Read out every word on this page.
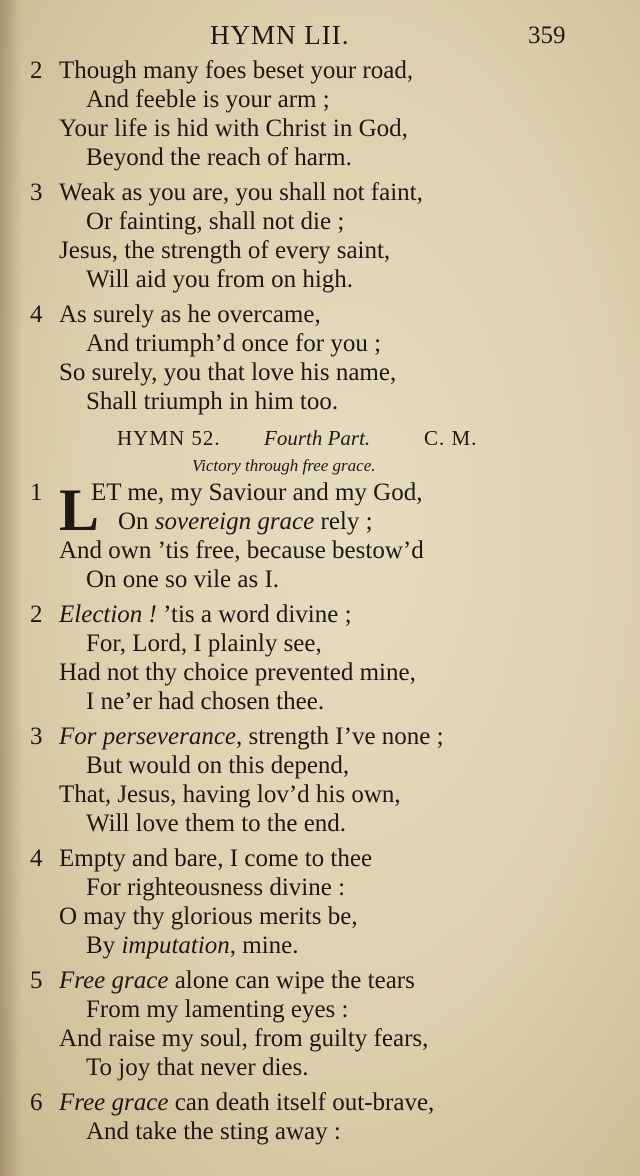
HYMN LII.	359
2 Though many foes beset your road,
And feeble is your arm ;
Your life is hid with Christ in God,
Beyond the reach of harm.
3 Weak as you are, you shall not faint,
Or fainting, shall not die ;
Jesus, the strength of every saint,
Will aid you from on high.
4 As surely as he overcame,
And triumph’d once for you ;
So surely, you that love his name,
Shall triumph in him too.
HYMN 52. Fourth Part.	C. M.
Victory through free grace.
L
1 ET me, my Saviour and my God,
On sovereign grace rely ;
And own ’tis free, because bestow’d
On one so vile as I.
2 Election ! ’tis a word divine ;
For, Lord, I plainly see,
Had not thy choice prevented mine,
I ne’er had chosen thee.
3 For perseverance, strength I’ve none ;
But would on this depend,
That, Jesus, having lov’d his own,
Will love them to the end.
4 Empty and bare, I come to thee
For righteousness divine :
O may thy glorious merits be,
By imputation, mine.
5 Free grace alone can wipe the tears
From my lamenting eyes :
And raise my soul, from guilty fears,
To joy that never dies.
6 Free grace can death itself out-brave,
And take the sting away :
